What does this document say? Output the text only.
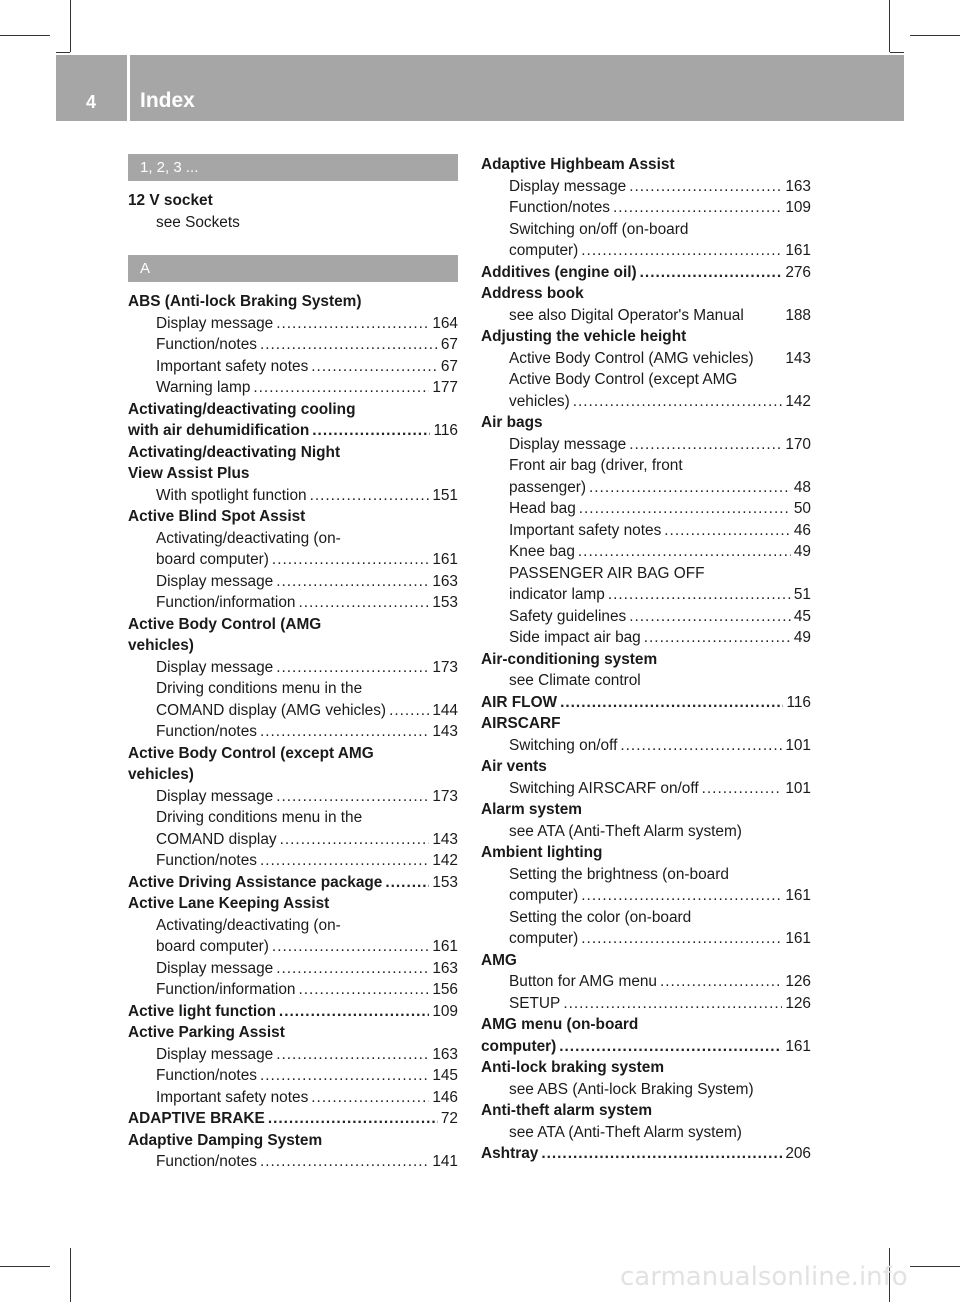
4 Index
1, 2, 3 ...
12 V socket
see Sockets
A
ABS (Anti-lock Braking System)
Display message .....	164
Function/notes .....	67
Important safety notes .....	67
Warning lamp .....	177
Activating/deactivating cooling
with air dehumidification .....	116
Activating/deactivating Night
View Assist Plus
With spotlight function .....	151
Active Blind Spot Assist
Activating/deactivating (on-
board computer) .....	161
Display message .....	163
Function/information .....	153
Active Body Control (AMG
vehicles)
Display message .....	173
Driving conditions menu in the
COMAND display (AMG vehicles) .....	144
Function/notes .....	143
Active Body Control (except AMG
vehicles)
Display message .....	173
Driving conditions menu in the
COMAND display .....	143
Function/notes .....	142
Active Driving Assistance package .....	153
Active Lane Keeping Assist
Activating/deactivating (on-
board computer) .....	161
Display message .....	163
Function/information .....	156
Active light function .....	109
Active Parking Assist
Display message .....	163
Function/notes .....	145
Important safety notes .....	146
ADAPTIVE BRAKE .....	72
Adaptive Damping System
Function/notes .....	141
Adaptive Highbeam Assist
Display message .....	163
Function/notes .....	109
Switching on/off (on-board
computer) .....	161
Additives (engine oil) .....	276
Address book
see also Digital Operator's Manual	188
Adjusting the vehicle height
Active Body Control (AMG vehicles) 143
Active Body Control (except AMG
vehicles) .....	142
Air bags
Display message .....	170
Front air bag (driver, front
passenger) .....	48
Head bag .....	50
Important safety notes .....	46
Knee bag .....	49
PASSENGER AIR BAG OFF
indicator lamp .....	51
Safety guidelines .....	45
Side impact air bag .....	49
Air-conditioning system
see Climate control
AIR FLOW .....	116
AIRSCARF
Switching on/off .....	101
Air vents
Switching AIRSCARF on/off .....	101
Alarm system
see ATA (Anti-Theft Alarm system)
Ambient lighting
Setting the brightness (on-board
computer) .....	161
Setting the color (on-board
computer) .....	161
AMG
Button for AMG menu .....	126
SETUP .....	126
AMG menu (on-board
computer) .....	161
Anti-lock braking system
see ABS (Anti-lock Braking System)
Anti-theft alarm system
see ATA (Anti-Theft Alarm system)
Ashtray .....	206
carmanualsonline.info
